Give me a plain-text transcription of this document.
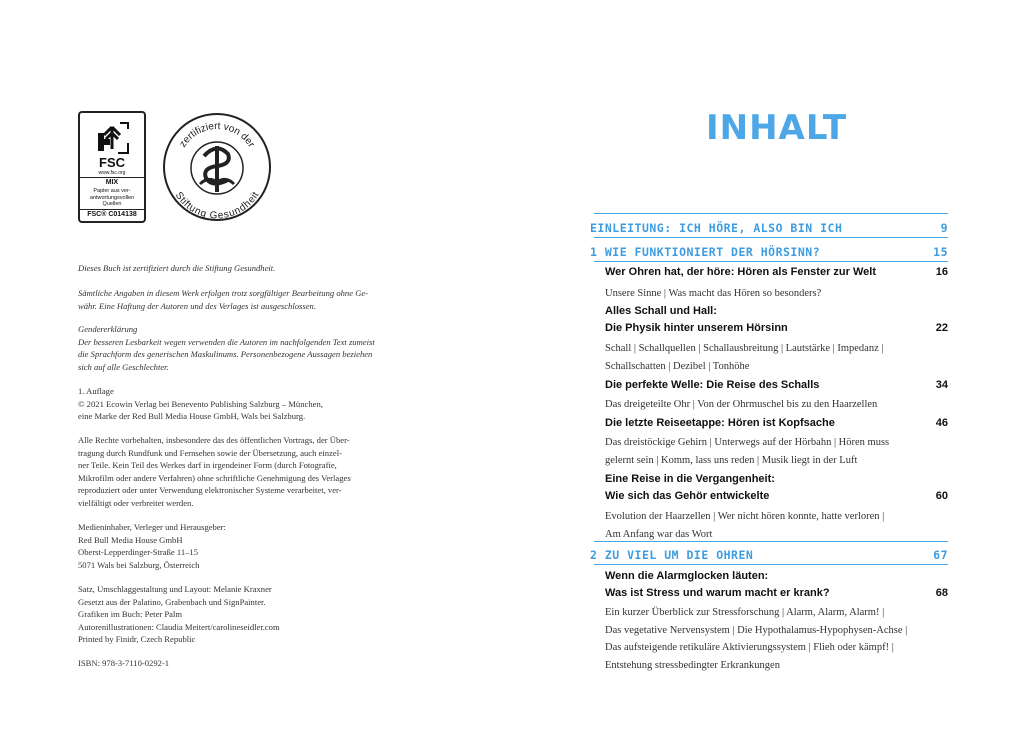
FSC
www.fsc.org
MIX
Papier aus ver-
antwortungsvollen
Quellen
FSC® C014138
zertifiziert von der
Stiftung Gesundheit
Dieses Buch ist zertifiziert durch die Stiftung Gesundheit.
Sämtliche Angaben in diesem Werk erfolgen trotz sorgfältiger Bearbeitung ohne Ge-
währ. Eine Haftung der Autoren und des Verlages ist ausgeschlossen.
Gendererklärung
Der besseren Lesbarkeit wegen verwenden die Autoren im nachfolgenden Text zumeist
die Sprachform des generischen Maskulinums. Personenbezogene Aussagen beziehen
sich auf alle Geschlechter.
1. Auflage
© 2021 Ecowin Verlag bei Benevento Publishing Salzburg – München,
eine Marke der Red Bull Media House GmbH, Wals bei Salzburg.
Alle Rechte vorbehalten, insbesondere das des öffentlichen Vortrags, der Über-
tragung durch Rundfunk und Fernsehen sowie der Übersetzung, auch einzel-
ner Teile. Kein Teil des Werkes darf in irgendeiner Form (durch Fotografie,
Mikrofilm oder andere Verfahren) ohne schriftliche Genehmigung des Verlages
reproduziert oder unter Verwendung elektronischer Systeme verarbeitet, ver-
vielfältigt oder verbreitet werden.
Medieninhaber, Verleger und Herausgeber:
Red Bull Media House GmbH
Oberst-Lepperdinger-Straße 11–15
5071 Wals bei Salzburg, Österreich
Satz, Umschlaggestaltung und Layout: Melanie Kraxner
Gesetzt aus der Palatino, Grabenbach und SignPainter.
Grafiken im Buch: Peter Palm
Autorenillustrationen: Claudia Meitert/carolineseidler.com
Printed by Finidr, Czech Republic
ISBN: 978-3-7110-0292-1
INHALT
EINLEITUNG: ICH HÖRE, ALSO BIN ICH	9
1 WIE FUNKTIONIERT DER HÖRSINN?	15
Wer Ohren hat, der höre: Hören als Fenster zur Welt	16
Unsere Sinne | Was macht das Hören so besonders?
Alles Schall und Hall:
Die Physik hinter unserem Hörsinn	22
Schall | Schallquellen | Schallausbreitung | Lautstärke | Impedanz |
Schallschatten | Dezibel | Tonhöhe
Die perfekte Welle: Die Reise des Schalls	34
Das dreigeteilte Ohr | Von der Ohrmuschel bis zu den Haarzellen
Die letzte Reiseetappe: Hören ist Kopfsache	46
Das dreistöckige Gehirn | Unterwegs auf der Hörbahn | Hören muss
gelernt sein | Komm, lass uns reden | Musik liegt in der Luft
Eine Reise in die Vergangenheit:
Wie sich das Gehör entwickelte	60
Evolution der Haarzellen | Wer nicht hören konnte, hatte verloren |
Am Anfang war das Wort
2 ZU VIEL UM DIE OHREN	67
Wenn die Alarmglocken läuten:
Was ist Stress und warum macht er krank?	68
Ein kurzer Überblick zur Stressforschung | Alarm, Alarm, Alarm! |
Das vegetative Nervensystem | Die Hypothalamus-Hypophysen-Achse |
Das aufsteigende retikuläre Aktivierungssystem | Flieh oder kämpf! |
Entstehung stressbedingter Erkrankungen
